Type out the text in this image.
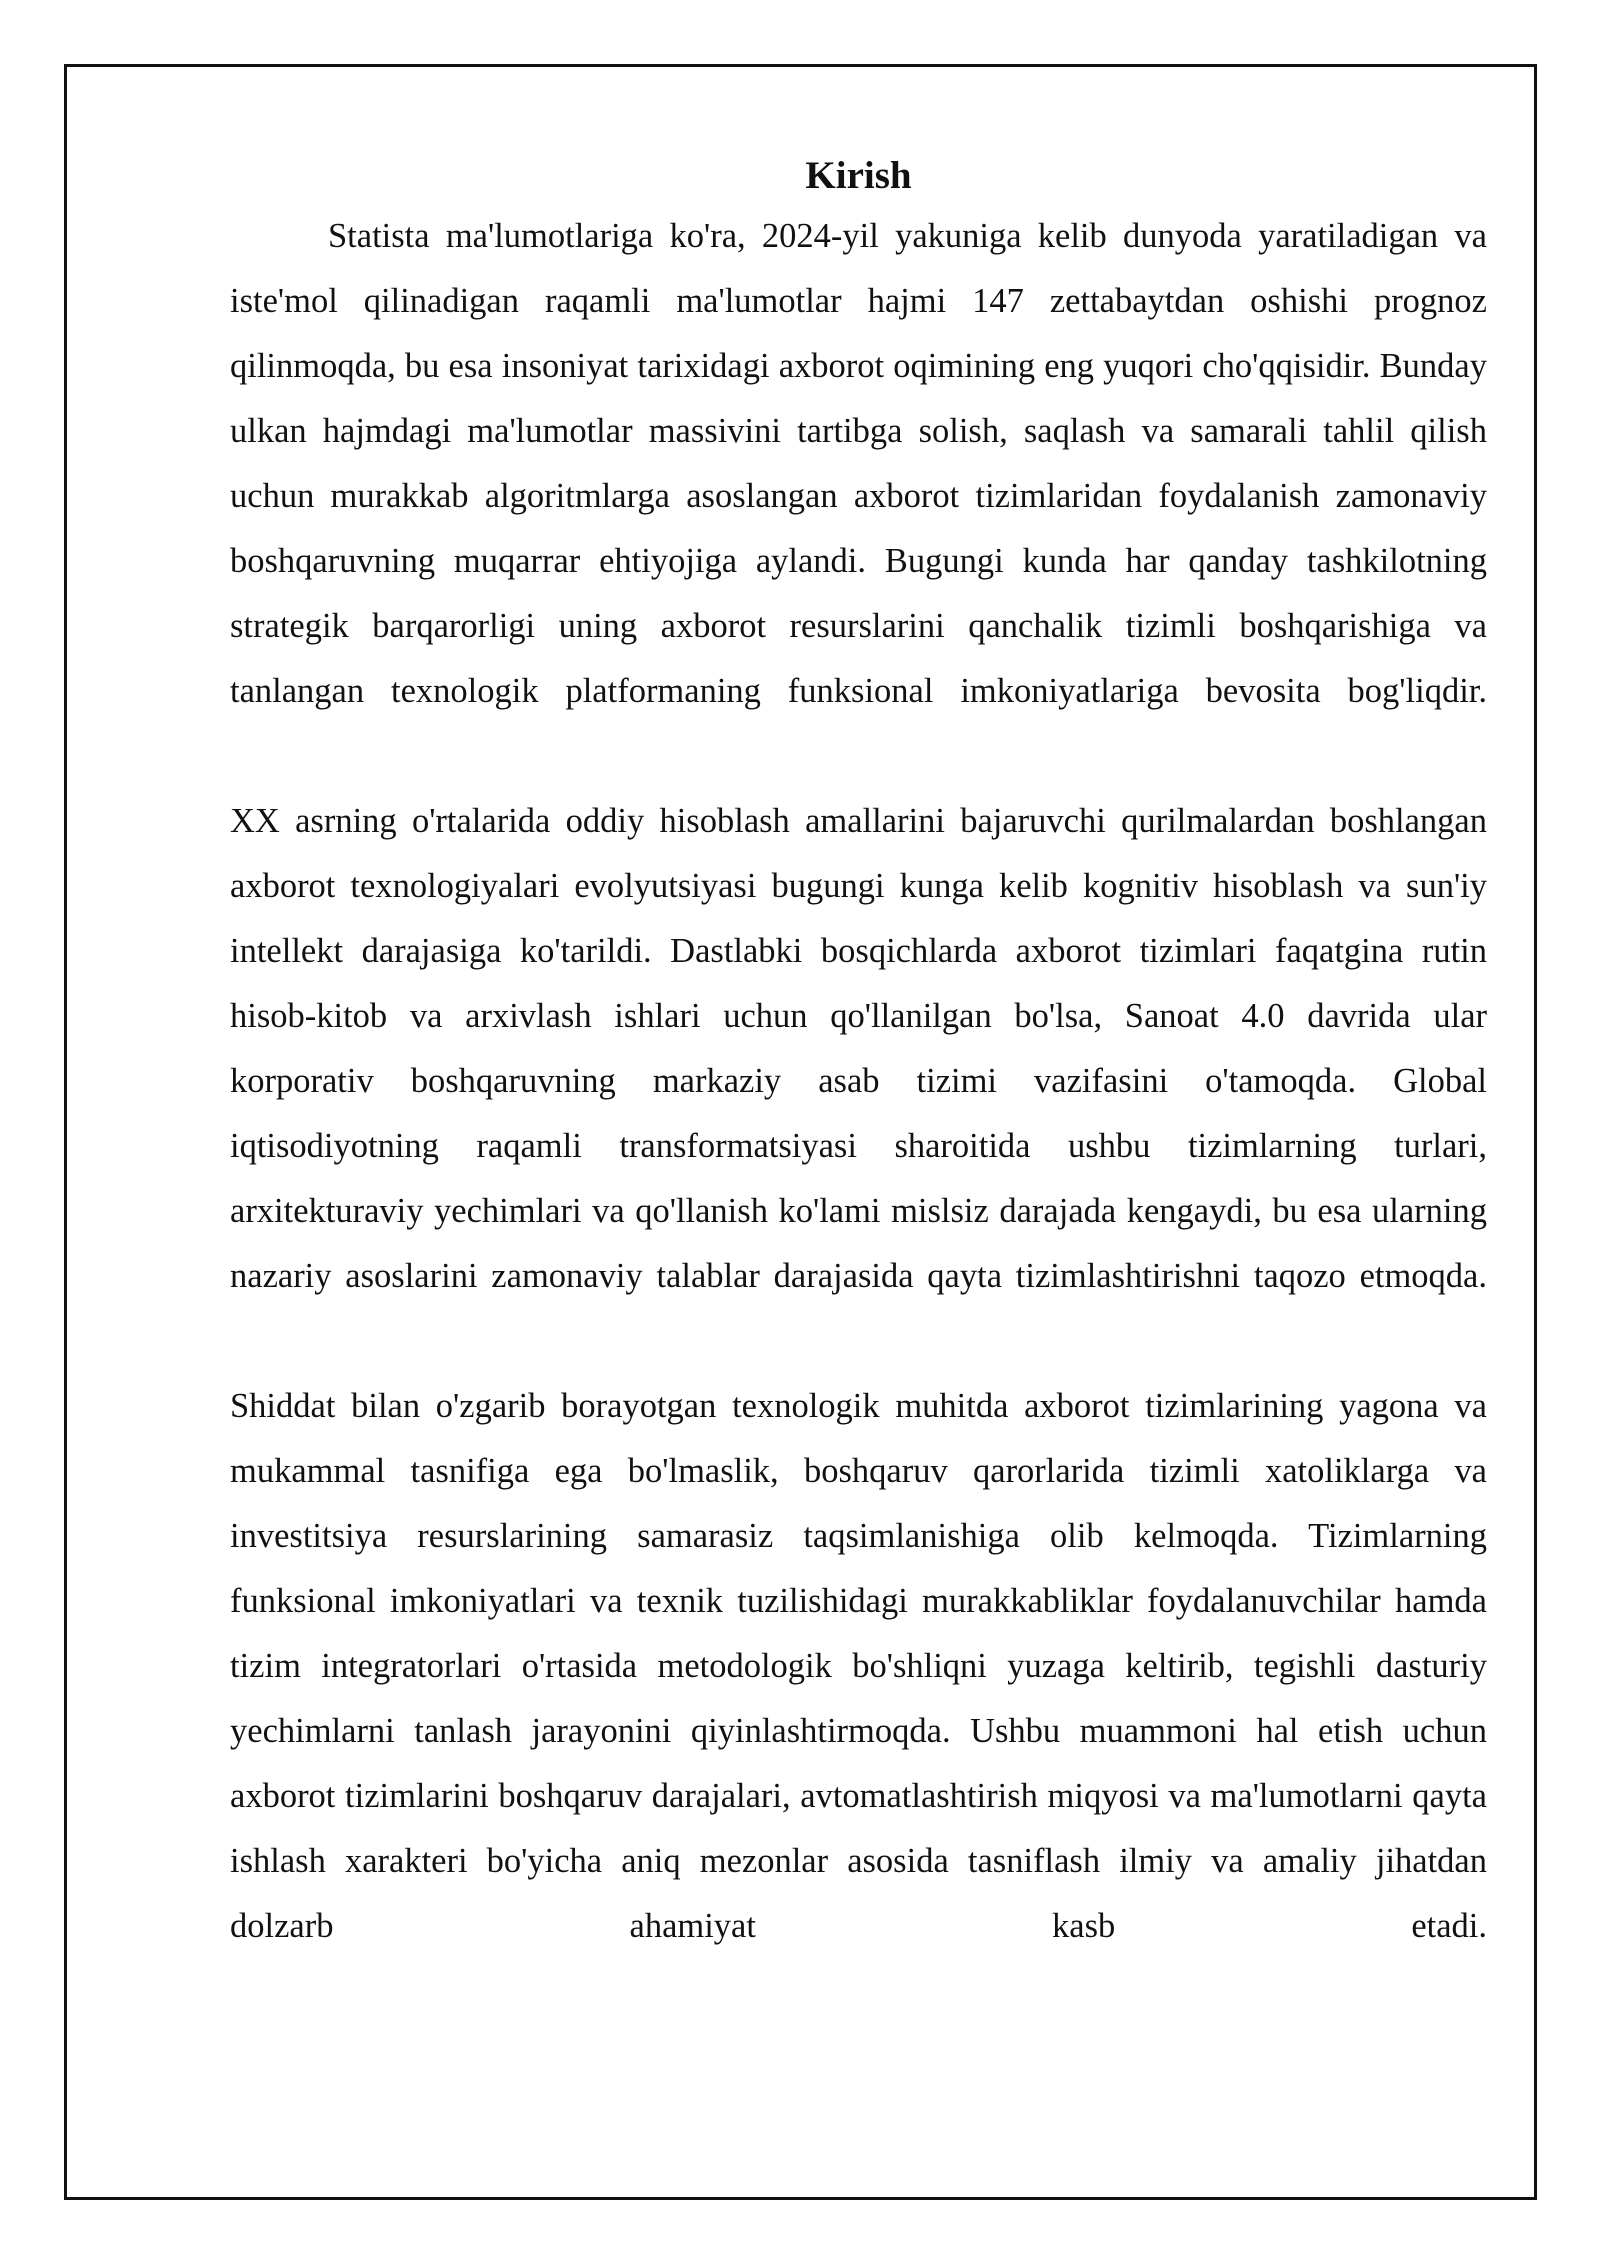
Kirish

Statista ma'lumotlariga ko'ra, 2024-yil yakuniga kelib dunyoda yaratiladigan va iste'mol qilinadigan raqamli ma'lumotlar hajmi 147 zettabaytdan oshishi prognoz qilinmoqda, bu esa insoniyat tarixidagi axborot oqimining eng yuqori cho'qqisidir. Bunday ulkan hajmdagi ma'lumotlar massivini tartibga solish, saqlash va samarali tahlil qilish uchun murakkab algoritmlarga asoslangan axborot tizimlaridan foydalanish zamonaviy boshqaruvning muqarrar ehtiyojiga aylandi. Bugungi kunda har qanday tashkilotning strategik barqarorligi uning axborot resurslarini qanchalik tizimli boshqarishiga va tanlangan texnologik platformaning funksional imkoniyatlariga bevosita bog'liqdir.

XX asrning o'rtalarida oddiy hisoblash amallarini bajaruvchi qurilmalardan boshlangan axborot texnologiyalari evolyutsiyasi bugungi kunga kelib kognitiv hisoblash va sun'iy intellekt darajasiga ko'tarildi. Dastlabki bosqichlarda axborot tizimlari faqatgina rutin hisob-kitob va arxivlash ishlari uchun qo'llanilgan bo'lsa, Sanoat 4.0 davrida ular korporativ boshqaruvning markaziy asab tizimi vazifasini o'tamoqda. Global iqtisodiyotning raqamli transformatsiyasi sharoitida ushbu tizimlarning turlari, arxitekturaviy yechimlari va qo'llanish ko'lami mislsiz darajada kengaydi, bu esa ularning nazariy asoslarini zamonaviy talablar darajasida qayta tizimlashtirishni taqozo etmoqda.

Shiddat bilan o'zgarib borayotgan texnologik muhitda axborot tizimlarining yagona va mukammal tasnifiga ega bo'lmaslik, boshqaruv qarorlarida tizimli xatoliklarga va investitsiya resurslarining samarasiz taqsimlanishiga olib kelmoqda. Tizimlarning funksional imkoniyatlari va texnik tuzilishidagi murakkabliklar foydalanuvchilar hamda tizim integratorlari o'rtasida metodologik bo'shliqni yuzaga keltirib, tegishli dasturiy yechimlarni tanlash jarayonini qiyinlashtirmoqda. Ushbu muammoni hal etish uchun axborot tizimlarini boshqaruv darajalari, avtomatlashtirish miqyosi va ma'lumotlarni qayta ishlash xarakteri bo'yicha aniq mezonlar asosida tasniflash ilmiy va amaliy jihatdan dolzarb ahamiyat kasb etadi.
